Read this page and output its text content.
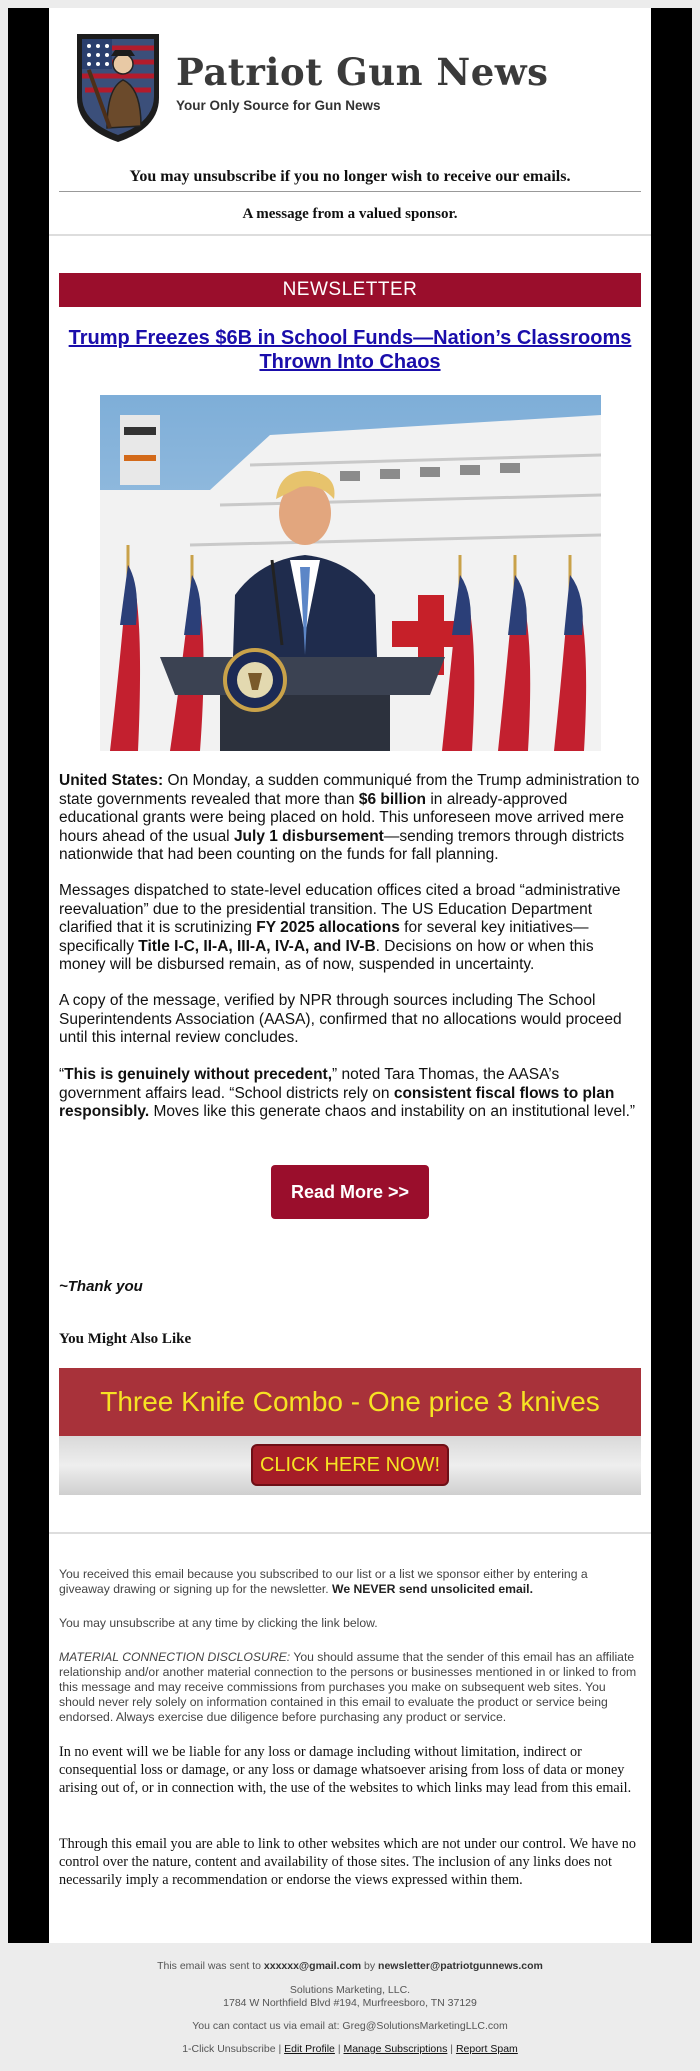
Patriot Gun News
Your Only Source for Gun News
You may unsubscribe if you no longer wish to receive our emails.
A message from a valued sponsor.
NEWSLETTER
Trump Freezes $6B in School Funds—Nation’s Classrooms Thrown Into Chaos
United States: On Monday, a sudden communiqué from the Trump administration to state governments revealed that more than $6 billion in already-approved educational grants were being placed on hold. This unforeseen move arrived mere hours ahead of the usual July 1 disbursement—sending tremors through districts nationwide that had been counting on the funds for fall planning.
Messages dispatched to state-level education offices cited a broad “administrative reevaluation” due to the presidential transition. The US Education Department clarified that it is scrutinizing FY 2025 allocations for several key initiatives—specifically Title I-C, II-A, III-A, IV-A, and IV-B. Decisions on how or when this money will be disbursed remain, as of now, suspended in uncertainty.
A copy of the message, verified by NPR through sources including The School Superintendents Association (AASA), confirmed that no allocations would proceed until this internal review concludes.
“This is genuinely without precedent,” noted Tara Thomas, the AASA’s government affairs lead. “School districts rely on consistent fiscal flows to plan responsibly. Moves like this generate chaos and instability on an institutional level.”
Read More >>
~Thank you
You Might Also Like
Three Knife Combo - One price 3 knives
CLICK HERE NOW!
You received this email because you subscribed to our list or a list we sponsor either by entering a giveaway drawing or signing up for the newsletter. We NEVER send unsolicited email.
You may unsubscribe at any time by clicking the link below.
MATERIAL CONNECTION DISCLOSURE: You should assume that the sender of this email has an affiliate relationship and/or another material connection to the persons or businesses mentioned in or linked to from this message and may receive commissions from purchases you make on subsequent web sites. You should never rely solely on information contained in this email to evaluate the product or service being endorsed. Always exercise due diligence before purchasing any product or service.
In no event will we be liable for any loss or damage including without limitation, indirect or consequential loss or damage, or any loss or damage whatsoever arising from loss of data or money arising out of, or in connection with, the use of the websites to which links may lead from this email.
Through this email you are able to link to other websites which are not under our control. We have no control over the nature, content and availability of those sites. The inclusion of any links does not necessarily imply a recommendation or endorse the views expressed within them.
This email was sent to xxxxxx@gmail.com by newsletter@patriotgunnews.com
Solutions Marketing, LLC.
1784 W Northfield Blvd #194, Murfreesboro, TN 37129
You can contact us via email at: Greg@SolutionsMarketingLLC.com
1-Click Unsubscribe | Edit Profile | Manage Subscriptions | Report Spam
